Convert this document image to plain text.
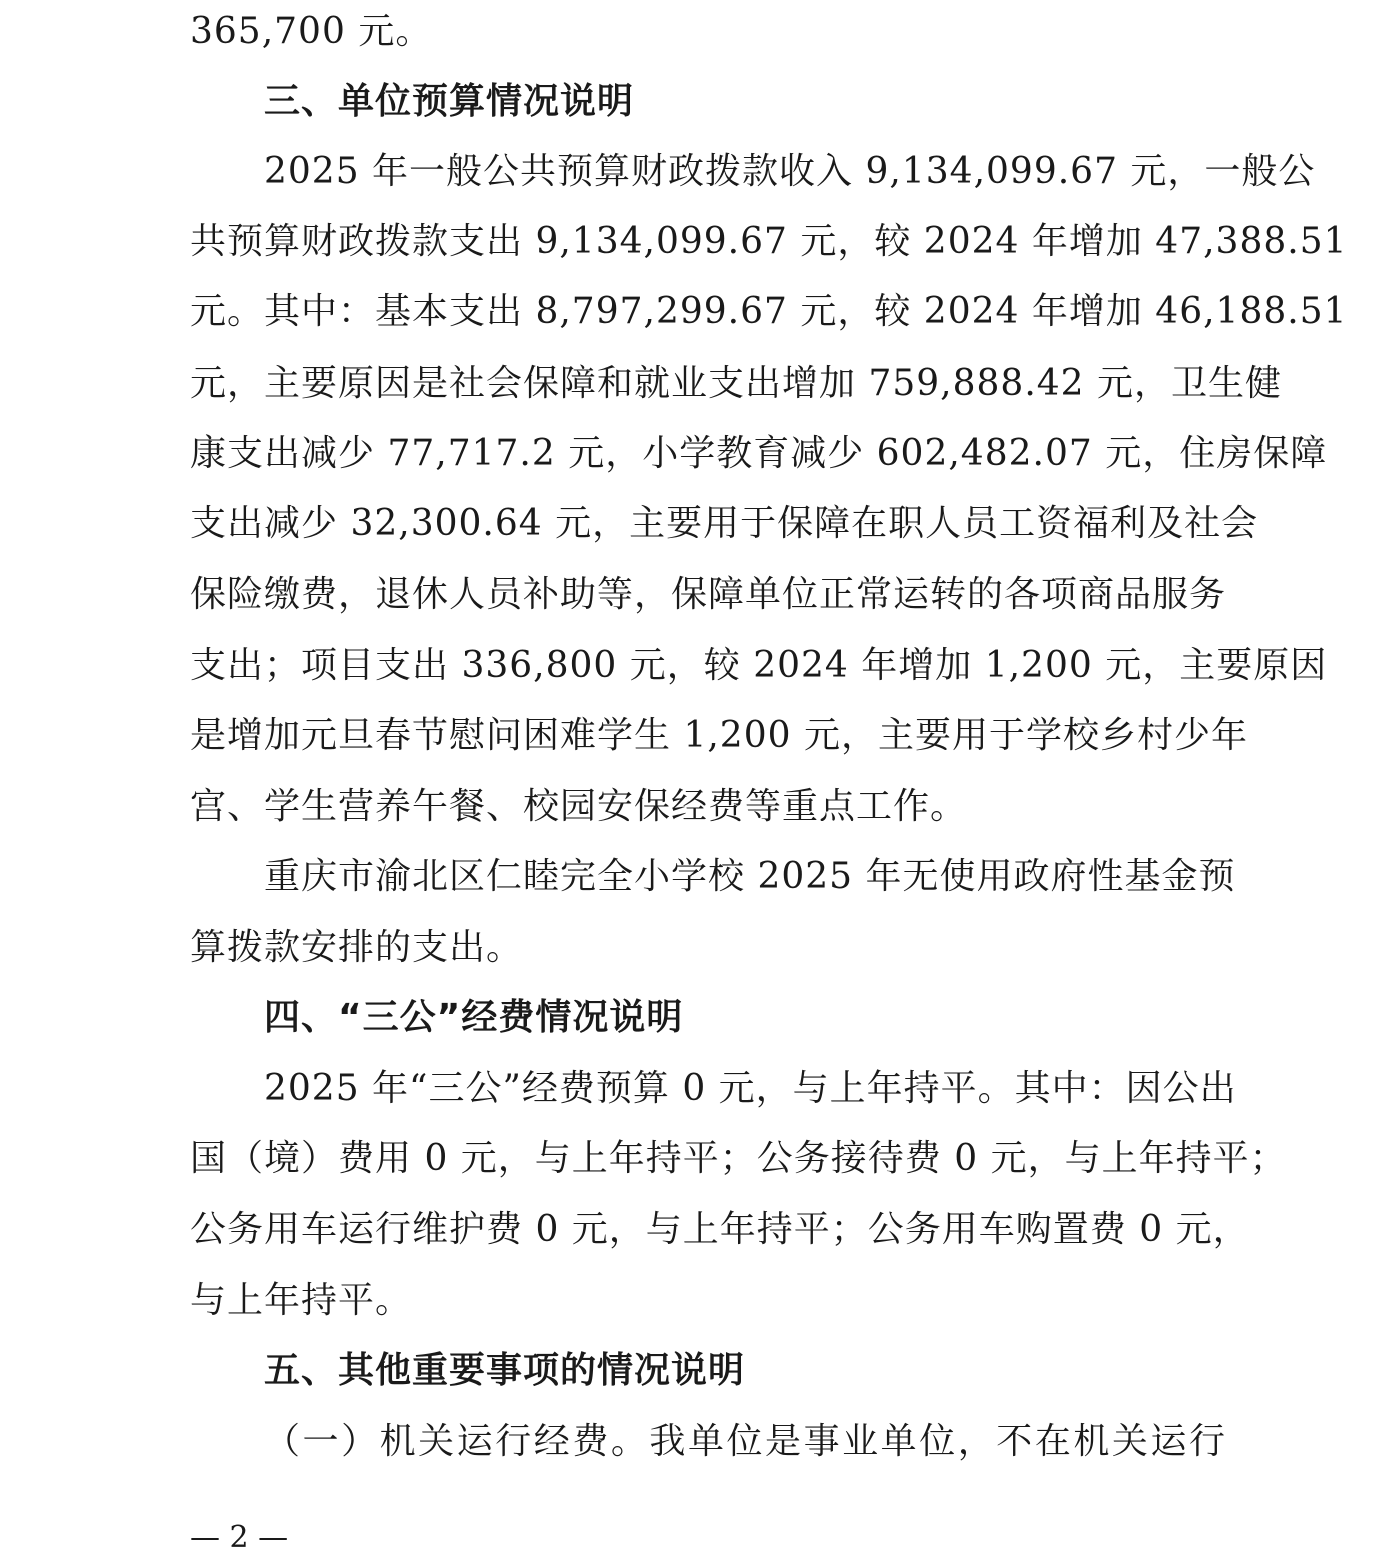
365,700 元。
三、单位预算情况说明
2025 年一般公共预算财政拨款收入 9,134,099.67 元，一般公
共预算财政拨款支出 9,134,099.67 元，较 2024 年增加 47,388.51
元。其中：基本支出 8,797,299.67 元，较 2024 年增加 46,188.51
元，主要原因是社会保障和就业支出增加 759,888.42 元，卫生健
康支出减少 77,717.2 元，小学教育减少 602,482.07 元，住房保障
支出减少 32,300.64 元，主要用于保障在职人员工资福利及社会
保险缴费，退休人员补助等，保障单位正常运转的各项商品服务
支出；项目支出 336,800 元，较 2024 年增加 1,200 元，主要原因
是增加元旦春节慰问困难学生 1,200 元，主要用于学校乡村少年
宫、学生营养午餐、校园安保经费等重点工作。
重庆市渝北区仁睦完全小学校 2025 年无使用政府性基金预
算拨款安排的支出。
四、“三公”经费情况说明
2025 年“三公”经费预算 0 元，与上年持平。其中：因公出
国（境）费用 0 元，与上年持平；公务接待费 0 元，与上年持平；
公务用车运行维护费 0 元，与上年持平；公务用车购置费 0 元，
与上年持平。
五、其他重要事项的情况说明
（一）机关运行经费。我单位是事业单位，不在机关运行
— 2 —
